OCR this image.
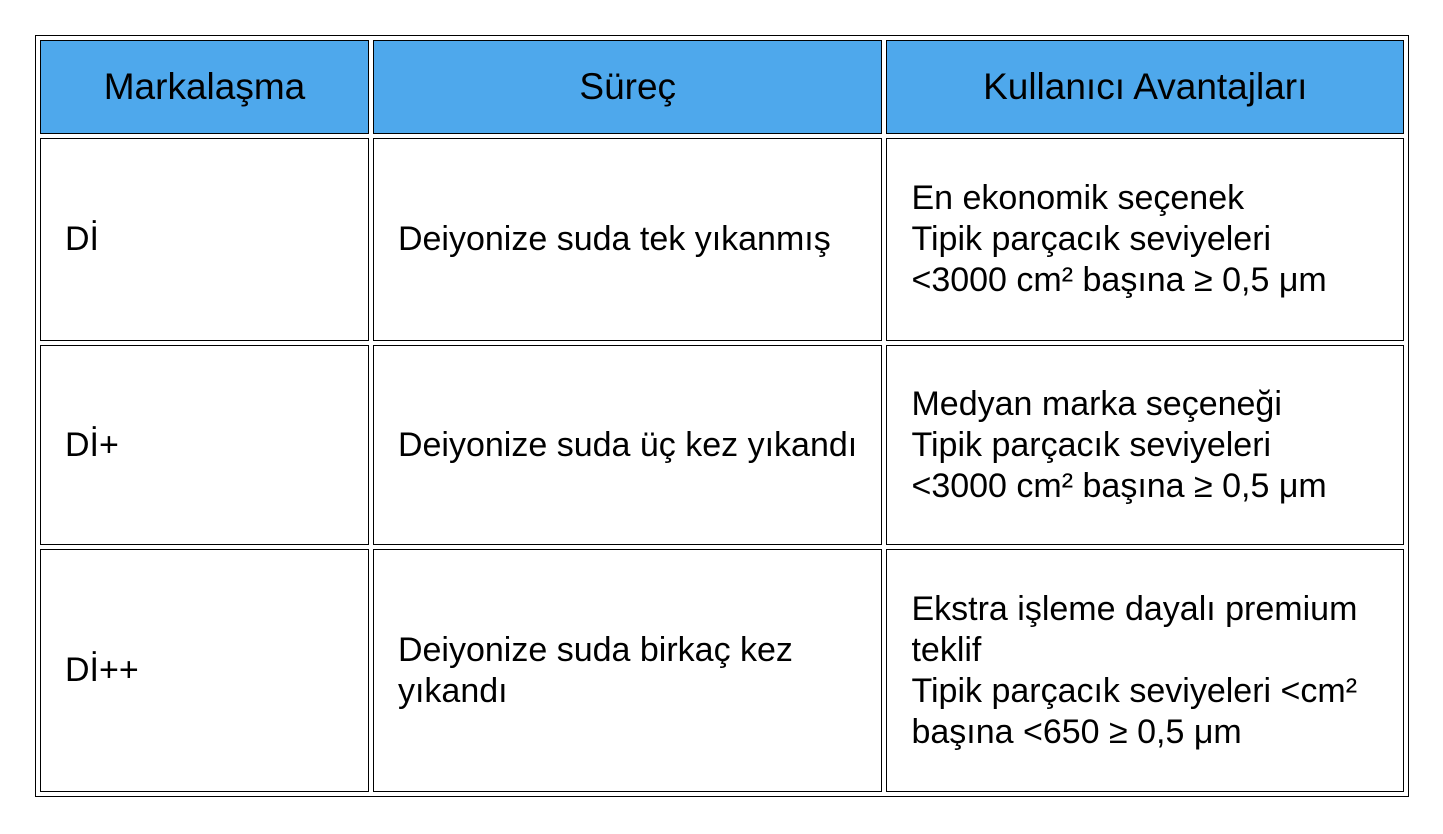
Markalaşma	Süreç	Kullanıcı Avantajları
Dİ	Deiyonize suda tek yıkanmış	En ekonomik seçenek
Tipik parçacık seviyeleri
<3000 cm² başına ≥ 0,5 μm

Dİ+	Deiyonize suda üç kez yıkandı	Medyan marka seçeneği
Tipik parçacık seviyeleri
<3000 cm² başına ≥ 0,5 μm

Dİ++	Deiyonize suda birkaç kez yıkandı	Ekstra işleme dayalı premium teklif
Tipik parçacık seviyeleri <cm² başına <650 ≥ 0,5 μm
